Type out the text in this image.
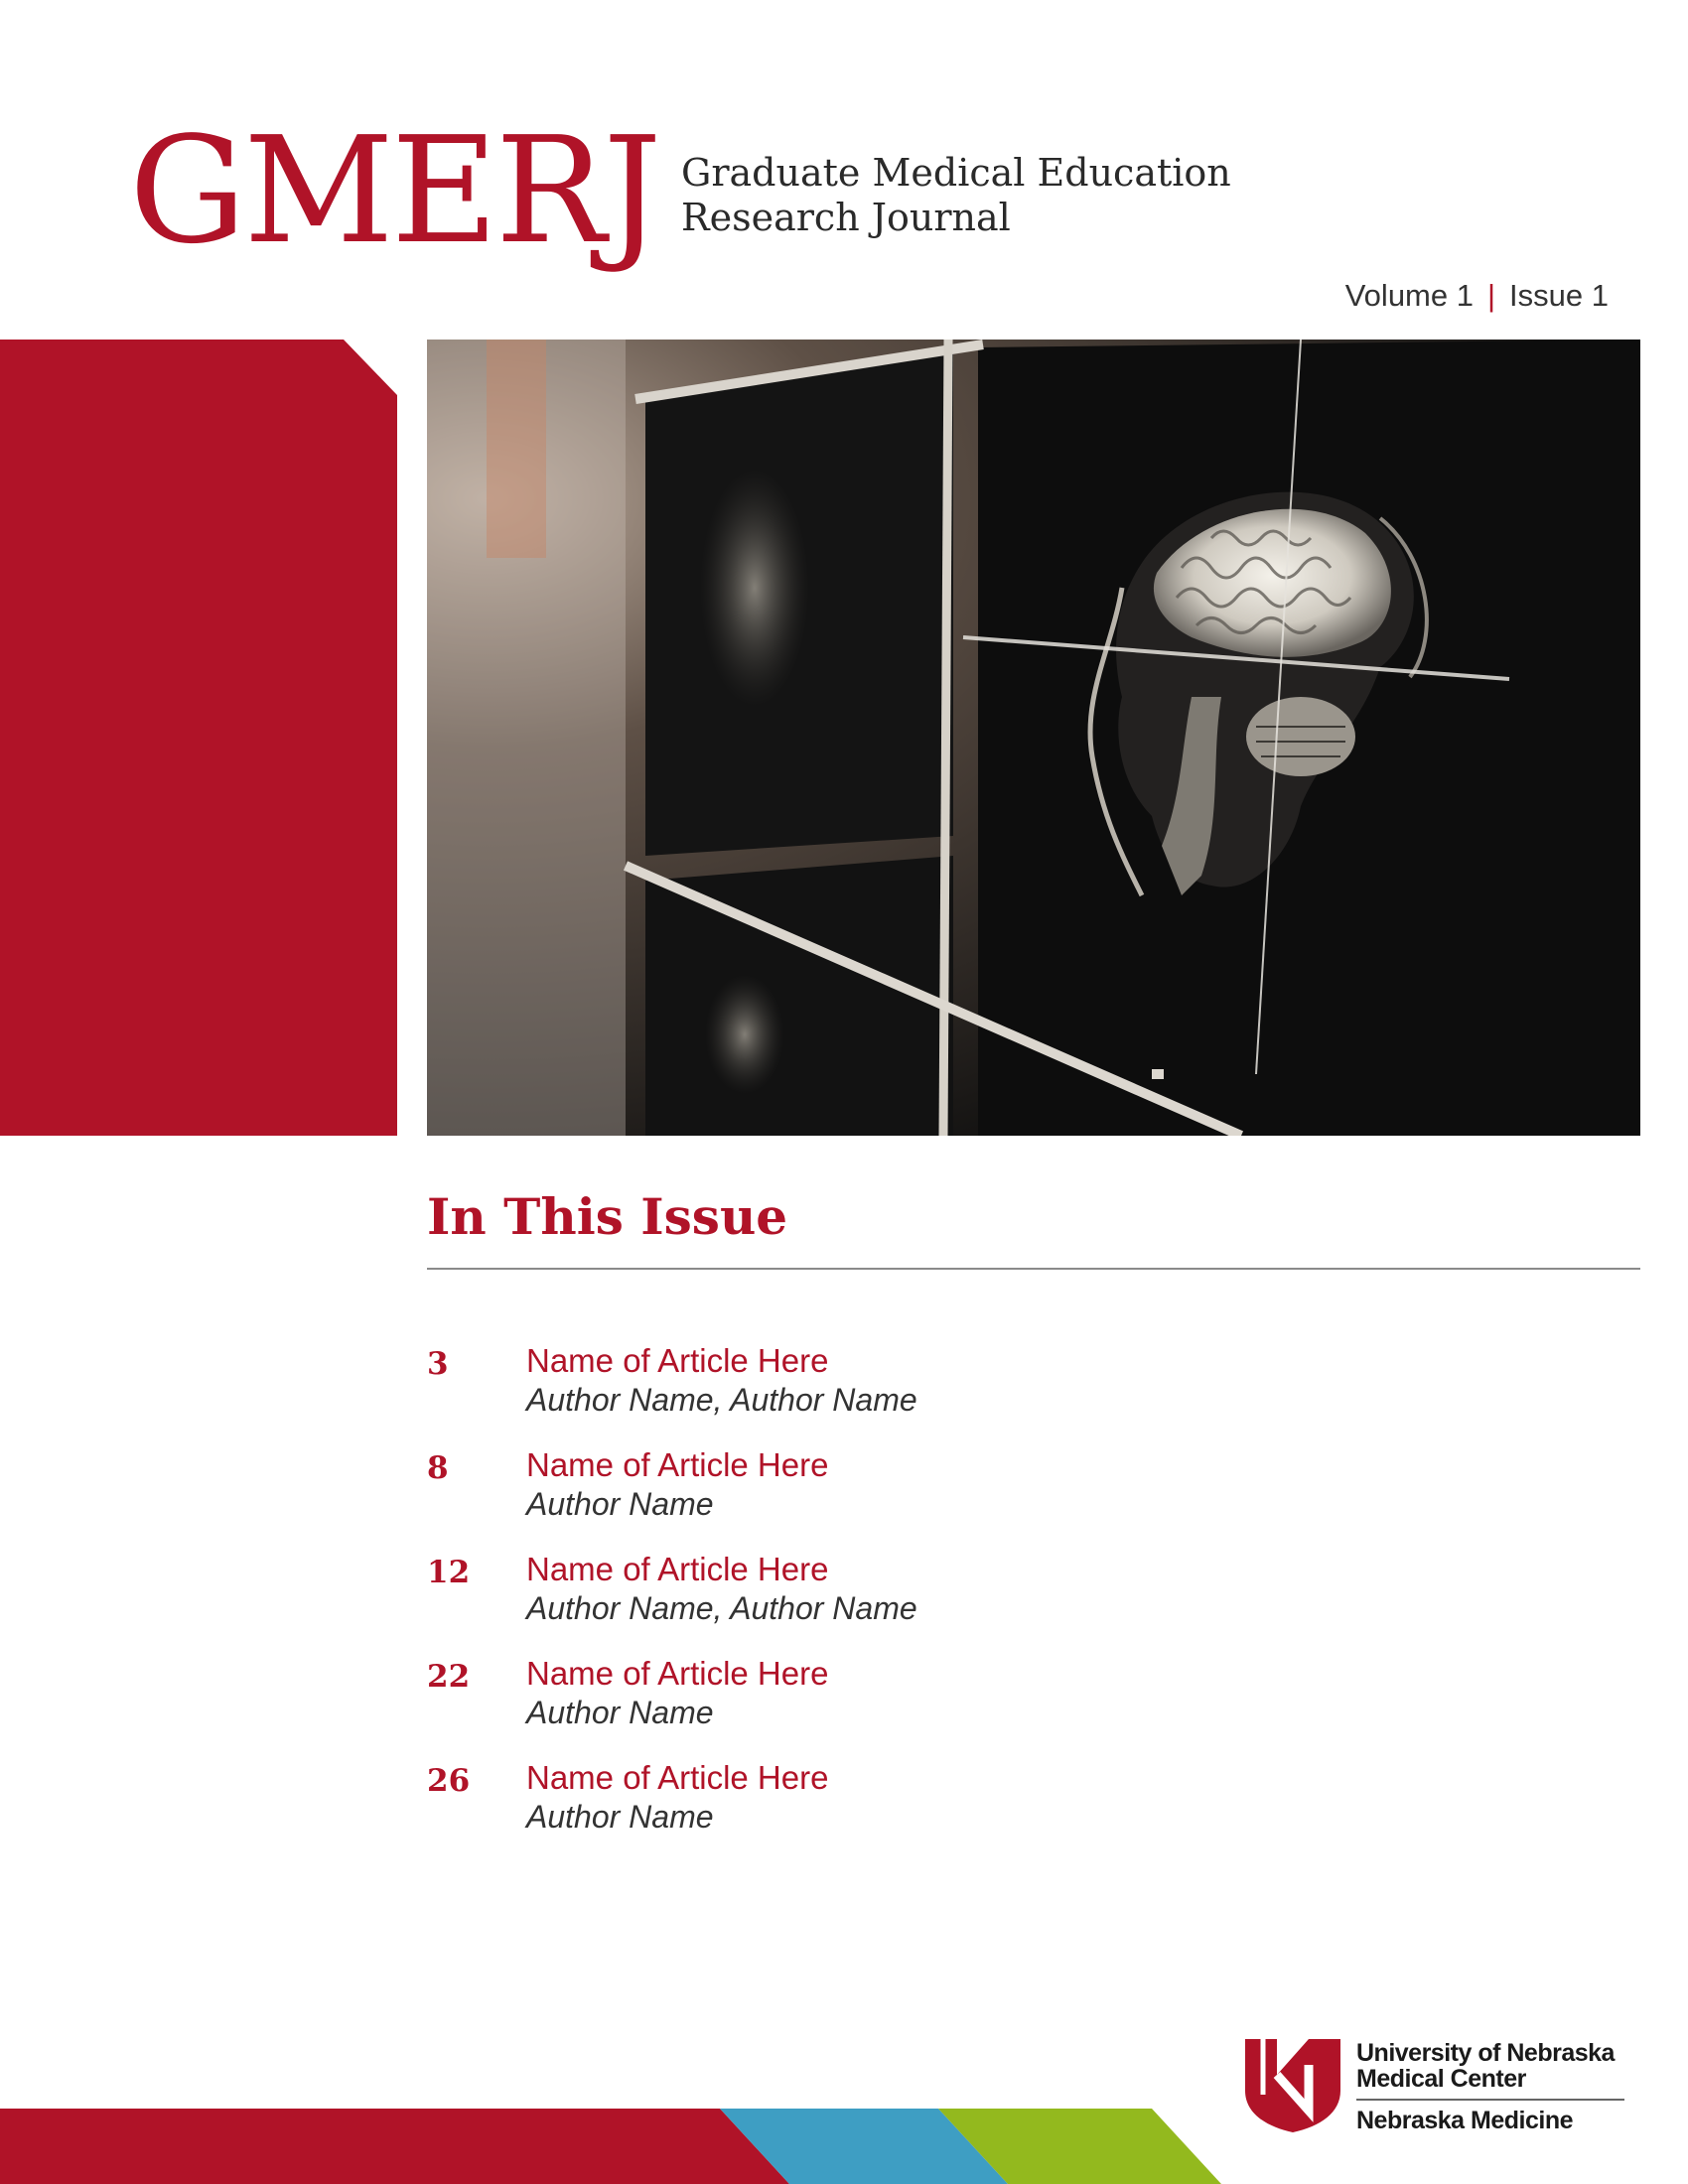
GMERJ Graduate Medical Education
Research Journal
Volume 1 | Issue 1
In This Issue
3 Name of Article Here
Author Name, Author Name
8 Name of Article Here
Author Name
12 Name of Article Here
Author Name, Author Name
22 Name of Article Here
Author Name
26 Name of Article Here
Author Name
University of Nebraska
Medical Center
Nebraska Medicine
